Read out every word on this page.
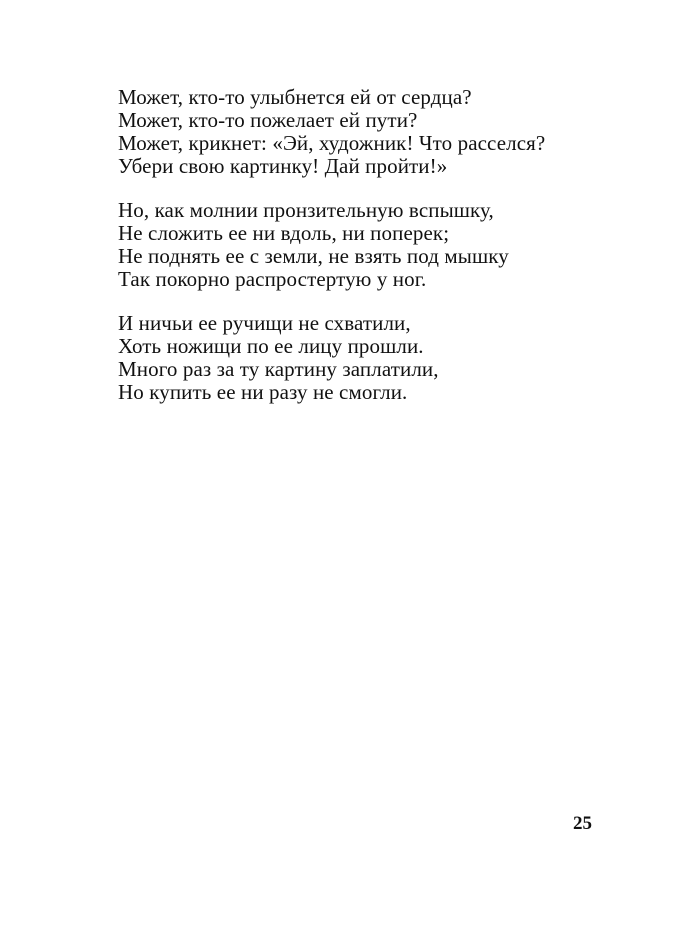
Может, кто-то улыбнется ей от сердца?
Может, кто-то пожелает ей пути?
Может, крикнет: «Эй, художник! Что расселся?
Убери свою картинку! Дай пройти!»
Но, как молнии пронзительную вспышку,
Не сложить ее ни вдоль, ни поперек;
Не поднять ее с земли, не взять под мышку
Так покорно распростертую у ног.
И ничьи ее ручищи не схватили,
Хоть ножищи по ее лицу прошли.
Много раз за ту картину заплатили,
Но купить ее ни разу не смогли.
25
